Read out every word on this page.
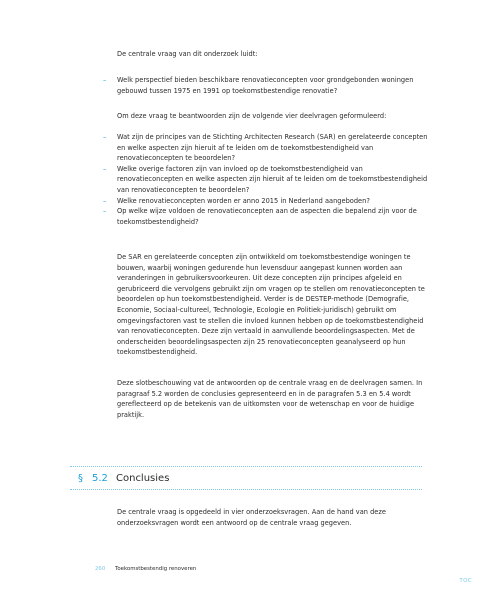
De centrale vraag van dit onderzoek luidt:

– Welk perspectief bieden beschikbare renovatieconcepten voor grondgebonden woningen gebouwd tussen 1975 en 1991 op toekomstbestendige renovatie?

Om deze vraag te beantwoorden zijn de volgende vier deelvragen geformuleerd:

– Wat zijn de principes van de Stichting Architecten Research (SAR) en gerelateerde concepten en welke aspecten zijn hieruit af te leiden om de toekomstbestendigheid van renovatieconcepten te beoordelen?
– Welke overige factoren zijn van invloed op de toekomstbestendigheid van renovatieconcepten en welke aspecten zijn hieruit af te leiden om de toekomstbestendigheid van renovatieconcepten te beoordelen?
– Welke renovatieconcepten worden er anno 2015 in Nederland aangeboden?
– Op welke wijze voldoen de renovatieconcepten aan de aspecten die bepalend zijn voor de toekomstbestendigheid?

De SAR en gerelateerde concepten zijn ontwikkeld om toekomstbestendige woningen te bouwen, waarbij woningen gedurende hun levensduur aangepast kunnen worden aan veranderingen in gebruikersvoorkeuren. Uit deze concepten zijn principes afgeleid en gerubriceerd die vervolgens gebruikt zijn om vragen op te stellen om renovatieconcepten te beoordelen op hun toekomstbestendigheid. Verder is de DESTEP-methode (Demografie, Economie, Sociaal-cultureel, Technologie, Ecologie en Politiek-juridisch) gebruikt om omgevingsfactoren vast te stellen die invloed kunnen hebben op de toekomstbestendigheid van renovatieconcepten. Deze zijn vertaald in aanvullende beoordelingsaspecten. Met de onderscheiden beoordelingsaspecten zijn 25 renovatieconcepten geanalyseerd op hun toekomstbestendigheid.

Deze slotbeschouwing vat de antwoorden op de centrale vraag en de deelvragen samen. In paragraaf 5.2 worden de conclusies gepresenteerd en in de paragrafen 5.3 en 5.4 wordt gereflecteerd op de betekenis van de uitkomsten voor de wetenschap en voor de huidige praktijk.

§ 5.2 Conclusies

De centrale vraag is opgedeeld in vier onderzoeksvragen. Aan de hand van deze onderzoeksvragen wordt een antwoord op de centrale vraag gegeven.

260	Toekomstbestendig renoveren
TOC
